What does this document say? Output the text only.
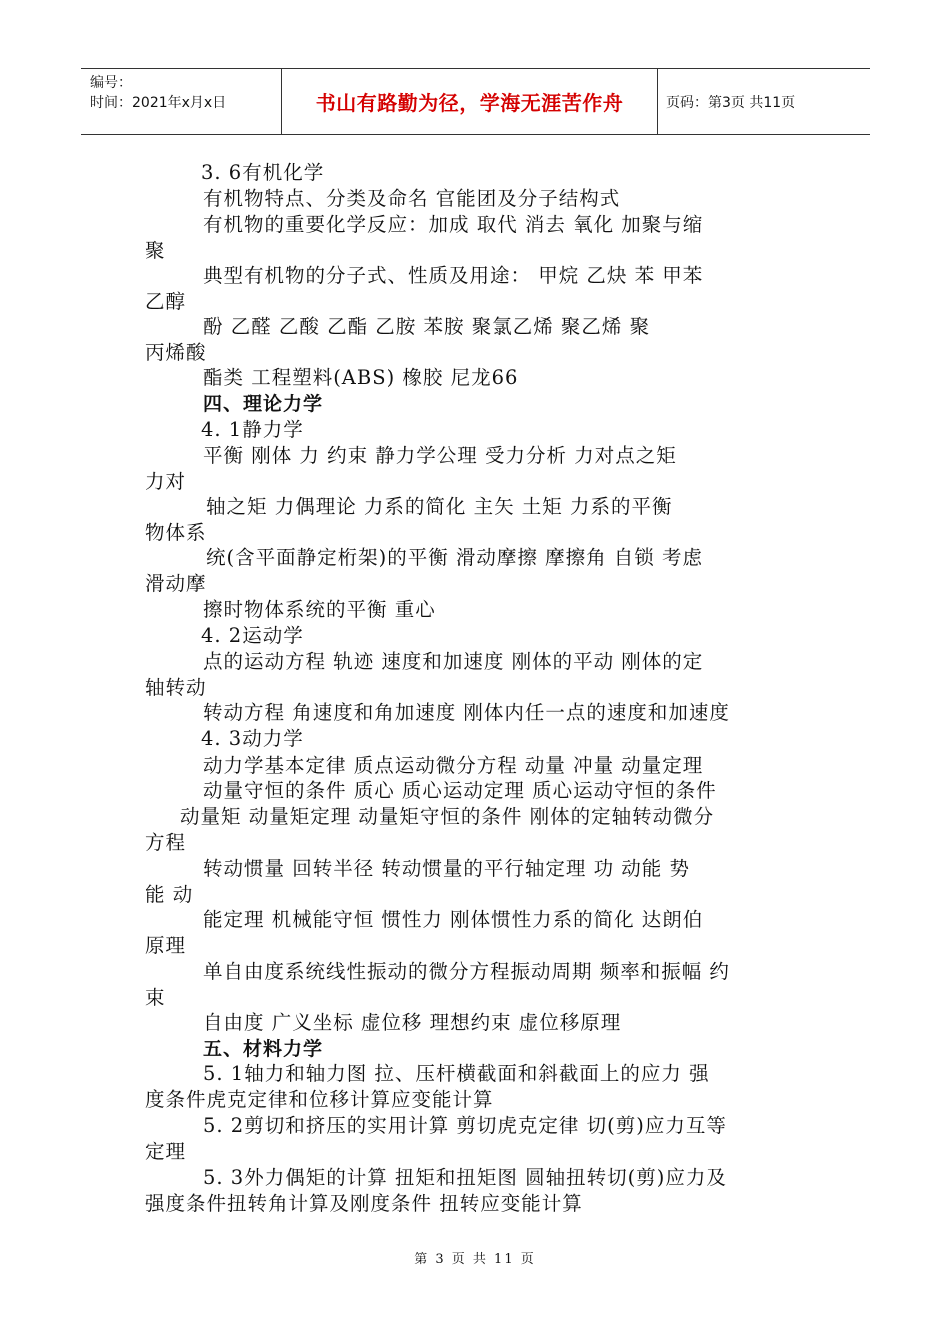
编号：
时间：2021年x月x日	书山有路勤为径，学海无涯苦作舟	页码：第3页 共11页
3. 6有机化学
有机物特点、分类及命名 官能团及分子结构式
有机物的重要化学反应：加成 取代 消去 氧化 加聚与缩
聚
典型有机物的分子式、性质及用途： 甲烷 乙炔 苯 甲苯
乙醇
酚 乙醛 乙酸 乙酯 乙胺 苯胺 聚氯乙烯 聚乙烯 聚
丙烯酸
酯类 工程塑料(ABS) 橡胶 尼龙66
四、理论力学
4. 1静力学
平衡 刚体 力 约束 静力学公理 受力分析 力对点之矩
力对
轴之矩 力偶理论 力系的简化 主矢 土矩 力系的平衡
物体系
统(含平面静定桁架)的平衡 滑动摩擦 摩擦角 自锁 考虑
滑动摩
擦时物体系统的平衡 重心
4. 2运动学
点的运动方程 轨迹 速度和加速度 刚体的平动 刚体的定
轴转动
转动方程 角速度和角加速度 刚体内任一点的速度和加速度
4. 3动力学
动力学基本定律 质点运动微分方程 动量 冲量 动量定理
动量守恒的条件 质心 质心运动定理 质心运动守恒的条件
动量矩 动量矩定理 动量矩守恒的条件 刚体的定轴转动微分
方程
转动惯量 回转半径 转动惯量的平行轴定理 功 动能 势
能 动
能定理 机械能守恒 惯性力 刚体惯性力系的简化 达朗伯
原理
单自由度系统线性振动的微分方程振动周期 频率和振幅 约
束
自由度 广义坐标 虚位移 理想约束 虚位移原理
五、材料力学
5. 1轴力和轴力图 拉、压杆横截面和斜截面上的应力 强
度条件虎克定律和位移计算应变能计算
5. 2剪切和挤压的实用计算 剪切虎克定律 切(剪)应力互等
定理
5. 3外力偶矩的计算 扭矩和扭矩图 圆轴扭转切(剪)应力及
强度条件扭转角计算及刚度条件 扭转应变能计算
第 3 页 共 11 页
